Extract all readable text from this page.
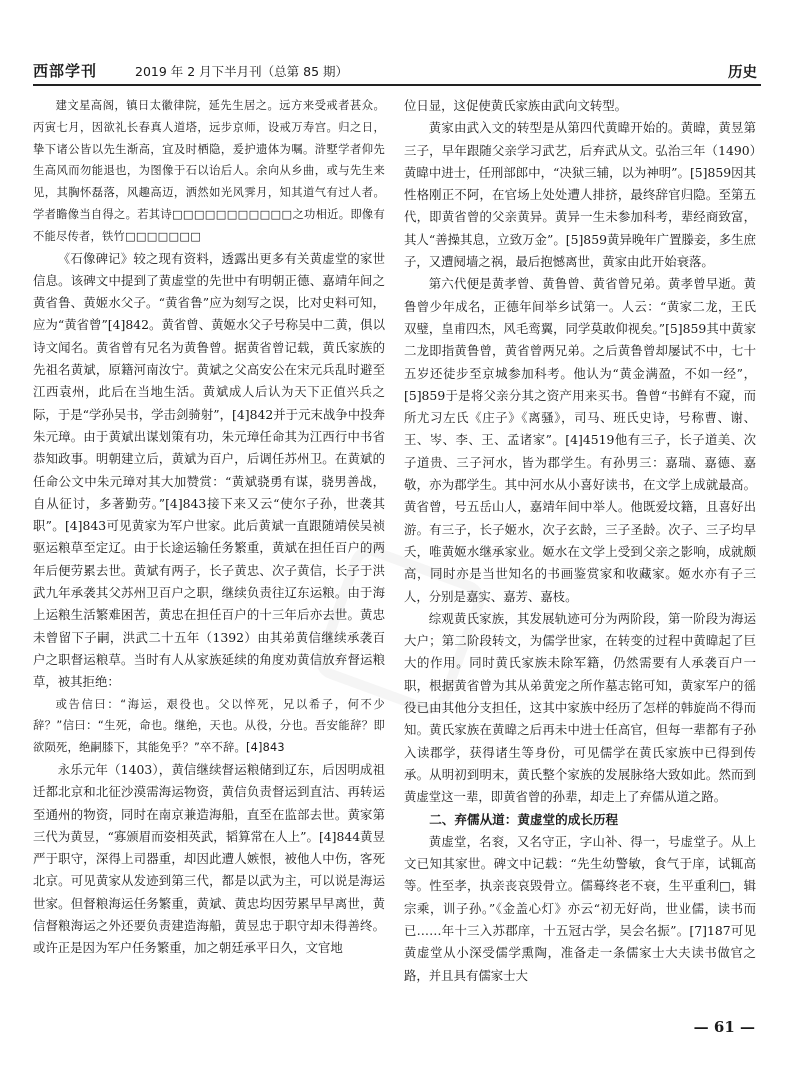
西部学刊	2019 年 2 月下半月刊（总第 85 期）	历史

建文星高阁，镇日太徽律院，延先生居之。远方来受戒者甚众。丙寅七月，因欲礼长春真人道塔，远步京师，设戒万寿宫。归之日，挚下诸公皆以先生渐高，宜及时栖隐，爰护遗体为嘱。浒墅学者仰先生高风而勿能退也，为图像于石以诒后人。余向从乡曲，或与先生来见，其胸怀磊落，风趣高迈，洒然如光风霁月，知其道气有过人者。学者瞻像当自得之。若其诗□□□□□□□□□□□之功相近。即像有不能尽传者，铁竹□□□□□□□

《石像碑记》较之现有资料，透露出更多有关黄虚堂的家世信息。该碑文中提到了黄虚堂的先世中有明朝正德、嘉靖年间之黄省鲁、黄姬水父子。“黄省鲁”应为刻写之误，比对史料可知，应为“黄省曾”[4]842。黄省曾、黄姬水父子号称吴中二黄，俱以诗文闻名。黄省曾有兄名为黄鲁曾。据黄省曾记载，黄氏家族的先祖名黄斌，原籍河南汝宁。黄斌之父高安公在宋元兵乱时避至江西袁州，此后在当地生活。黄斌成人后认为天下正值兴兵之际，于是“学孙吴书，学击剑骑射”，[4]842并于元末战争中投奔朱元璋。由于黄斌出谋划策有功，朱元璋任命其为江西行中书省恭知政事。明朝建立后，黄斌为百户，后调任苏州卫。在黄斌的任命公文中朱元璋对其大加赞赏：“黄斌骁勇有谋，骁男善战，自从征讨，多著勤劳。”[4]843接下来又云“使尔子孙，世袭其职”。[4]843可见黄家为军户世家。此后黄斌一直跟随靖侯吴祯驱运粮草至定辽。由于长途运输任务繁重，黄斌在担任百户的两年后便劳累去世。黄斌有两子，长子黄忠、次子黄信，长子于洪武九年承袭其父苏州卫百户之职，继续负责往辽东运粮。由于海上运粮生活繁难困苦，黄忠在担任百户的十三年后亦去世。黄忠未曾留下子嗣，洪武二十五年（1392）由其弟黄信继续承袭百户之职督运粮草。当时有人从家族延续的角度劝黄信放弃督运粮草，被其拒绝：

或告信曰：“海运，艰役也。父以悴死，兄以希子，何不少辞？”信曰：“生死，命也。继绝，天也。从役，分也。吾安能辞？即欲陨死，绝嗣膝下，其能免乎？”卒不辞。[4]843

永乐元年（1403），黄信继续督运粮储到辽东，后因明成祖迁都北京和北征沙漠需海运物资，黄信负责督运到直沽、再转运至通州的物资，同时在南京兼造海船，直至在监部去世。黄家第三代为黄昱，“寡颁眉而姿相英武，韬算常在人上”。[4]844黄昱严于职守，深得上司器重，却因此遭人嫉恨，被他人中伤，客死北京。可见黄家从发迹到第三代，都是以武为主，可以说是海运世家。但督粮海运任务繁重，黄斌、黄忠均因劳累早早离世，黄信督粮海运之外还要负责建造海船，黄昱忠于职守却未得善终。或许正是因为军户任务繁重，加之朝廷承平日久，文官地

位日显，这促使黄氏家族由武向文转型。

黄家由武入文的转型是从第四代黄暐开始的。黄暐，黄昱第三子，早年跟随父亲学习武艺，后弃武从文。弘治三年（1490）黄暐中进士，任刑部郎中，“决狱三辅，以为神明”。[5]859因其性格刚正不阿，在官场上处处遭人排挤，最终辞官归隐。至第五代，即黄省曾的父亲黄异。黄异一生未参加科考，辈经商致富，其人“善操其息，立致万金”。[5]859黄异晚年广置滕妾，多生庶子，又遭阋墙之祸，最后抱憾离世，黄家由此开始衰落。

第六代便是黄孝曾、黄鲁曾、黄省曾兄弟。黄孝曾早逝。黄鲁曾少年成名，正德年间举乡试第一。人云：“黄家二龙，王氏双璧，皇甫四杰，风毛鸾翼，同学莫敢仰视矣。”[5]859其中黄家二龙即指黄鲁曾，黄省曾两兄弟。之后黄鲁曾却屡试不中，七十五岁还徒步至京城参加科考。他认为“黄金满盈，不如一经”，[5]859于是将父亲分其之资产用来买书。鲁曾“书鲜有不窥，而所尤习左氏《庄子》《离骚》，司马、班氏史诗，号称曹、谢、王、岑、李、王、孟诸家”。[4]4519他有三子，长子道美、次子道贵、三子河水，皆为郡学生。有孙男三：嘉瑞、嘉德、嘉敬，亦为郡学生。其中河水从小喜好读书，在文学上成就最高。黄省曾，号五岳山人，嘉靖年间中举人。他既爱坟籍，且喜好出游。有三子，长子姬水，次子玄龄，三子圣龄。次子、三子均早夭，唯黄姬水继承家业。姬水在文学上受到父亲之影响，成就颇高，同时亦是当世知名的书画鉴赏家和收藏家。姬水亦有子三人，分别是嘉实、嘉芳、嘉枝。

综观黄氏家族，其发展轨迹可分为两阶段，第一阶段为海运大户；第二阶段转文，为儒学世家，在转变的过程中黄暐起了巨大的作用。同时黄氏家族未除军籍，仍然需要有人承袭百户一职，根据黄省曾为其从弟黄宠之所作墓志铭可知，黄家军户的徭役已由其他分支担任，这其中家族中经历了怎样的韩旋尚不得而知。黄氏家族在黄暐之后再未中进士任高官，但每一辈都有子孙入读郡学，获得诸生等身份，可见儒学在黄氏家族中已得到传承。从明初到明末，黄氏整个家族的发展脉络大致如此。然而到黄虚堂这一辈，即黄省曾的孙辈，却走上了弃儒从道之路。

二、弃儒从道：黄虚堂的成长历程

黄虚堂，名衮，又名守正，字山补、得一，号虚堂子。从上文已知其家世。碑文中记载：“先生幼警敏，食气于庠，试辄高等。性至孝，执亲丧哀毁骨立。儒蓦终老不衰，生平重利□，辑宗乘，训子孙。”《金盖心灯》亦云“初无好尚，世业儒，读书而已……年十三入苏郡庠，十五冠古学，吴会名振”。[7]187可见黄虚堂从小深受儒学熏陶，准备走一条儒家士大夫读书做官之路，并且具有儒家士大

— 61 —
